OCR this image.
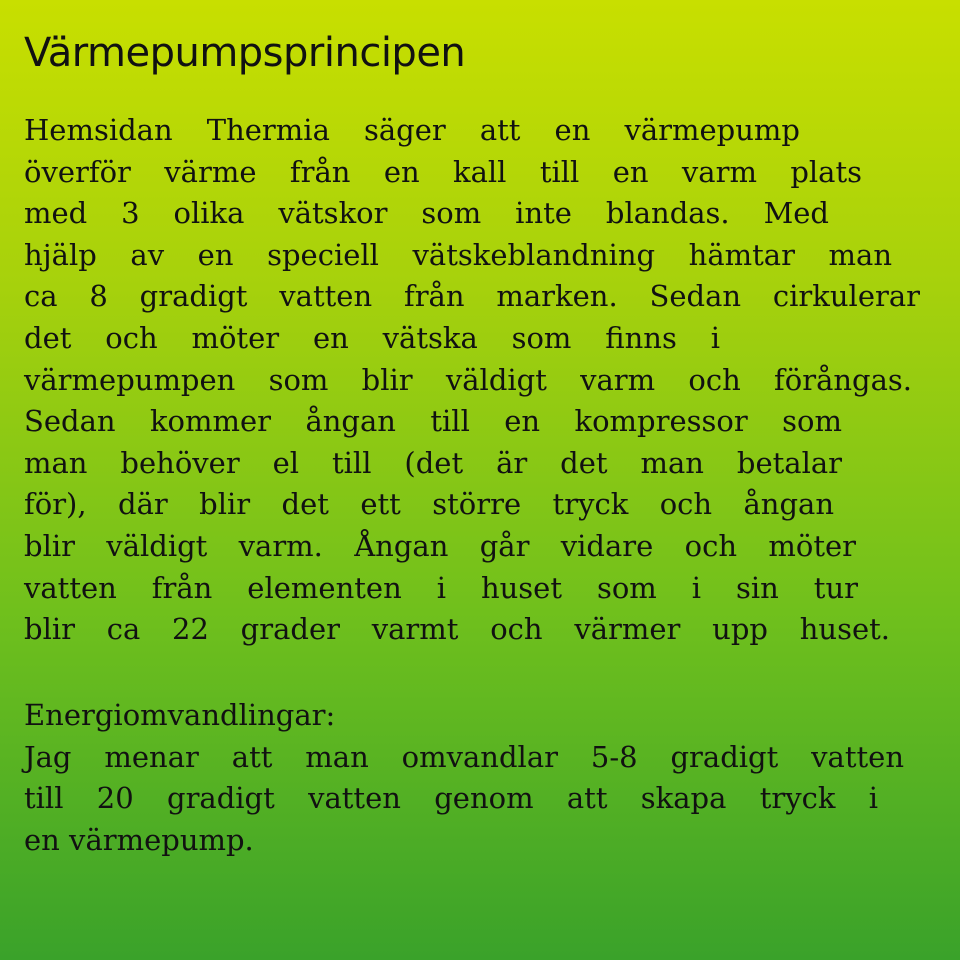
Värmepumpsprincipen
Hemsidan Thermia säger att en värmepump
överför värme från en kall till en varm plats
med 3 olika vätskor som inte blandas. Med
hjälp av en speciell vätskeblandning hämtar man
ca 8 gradigt vatten från marken. Sedan cirkulerar
det och möter en vätska som finns i
värmepumpen som blir väldigt varm och förångas.
Sedan kommer ångan till en kompressor som
man behöver el till (det är det man betalar
för), där blir det ett större tryck och ångan
blir väldigt varm. Ångan går vidare och möter
vatten från elementen i huset som i sin tur
blir ca 22 grader varmt och värmer upp huset.
Energiomvandlingar:
Jag menar att man omvandlar 5-8 gradigt vatten
till 20 gradigt vatten genom att skapa tryck i
en värmepump.
